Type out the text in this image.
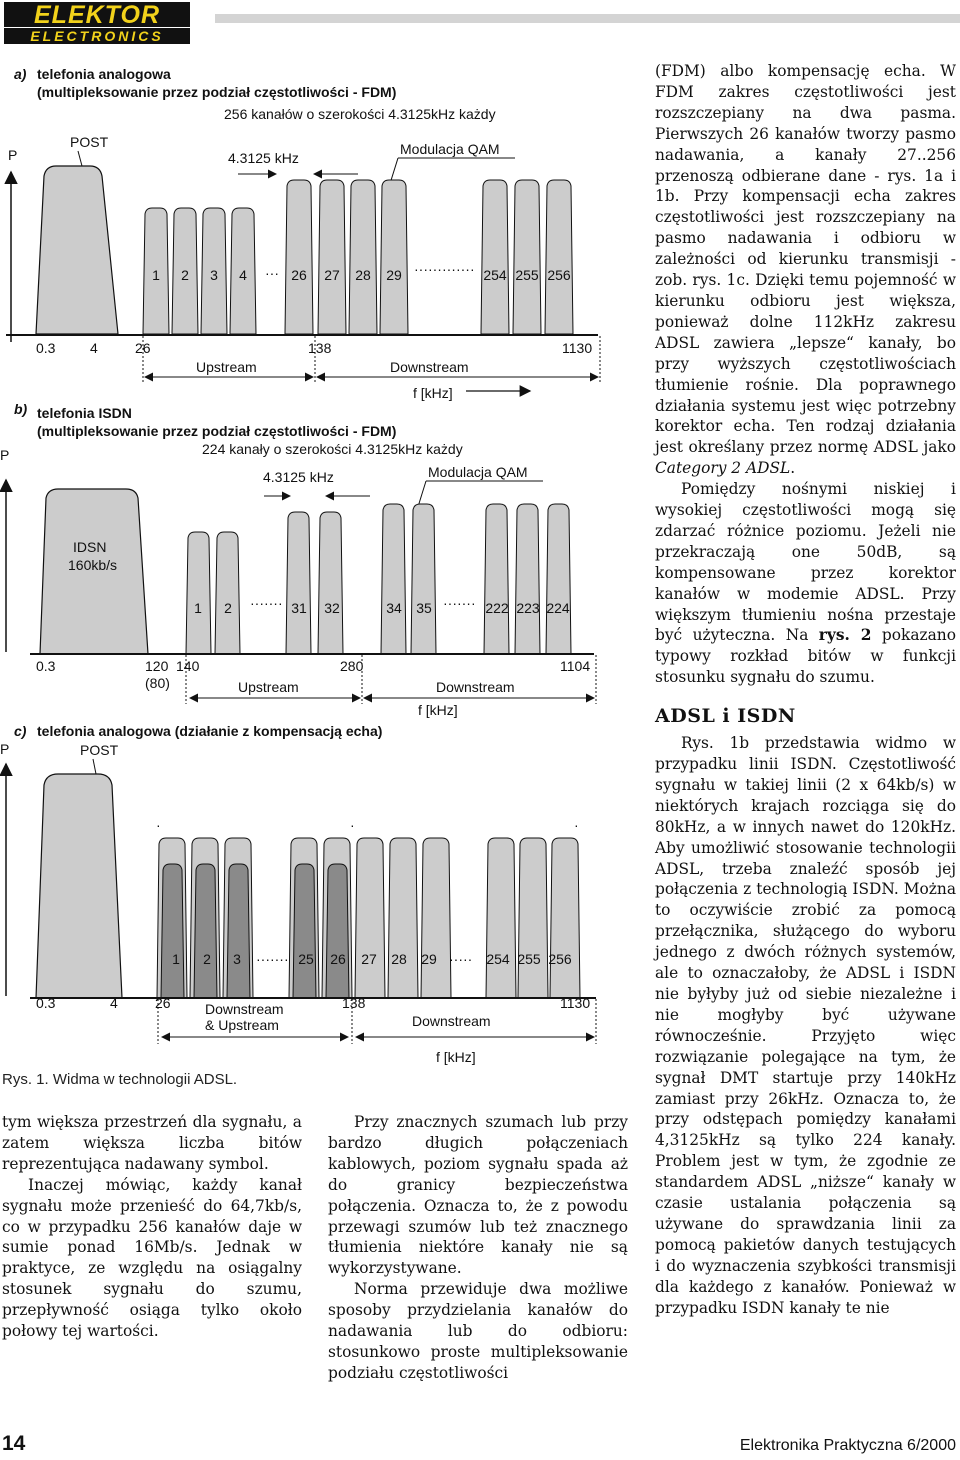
ELEKTOR
ELECTRONICS
a) telefonia analogowa
(multipleksowanie przez podział częstotliwości - FDM)
256 kanałów o szerokości 4.3125kHz każdy
P
POST
4.3125 kHz
Modulacja QAM
1 2 3 4 ··· 26 27 28 29 ············· 254 255 256
0.3 4	26	138	1130
Upstream	Downstream
f [kHz]
b) telefonia ISDN
(multipleksowanie przez podział częstotliwości - FDM)
224 kanały o szerokości 4.3125kHz każdy
P
IDSN
160kb/s
4.3125 kHz	Modulacja QAM
1 2 ······· 31 32	34 35 ······· 222 223 224
0.3	120 140	280	1104
(80)	Upstream	Downstream
f [kHz]
c) telefonia analogowa (działanie z kompensacją echa)
P	POST
·	·	·
1 2 3 ······· 25 26 27 28 29 ····· 254 255 256
0.3	4	26	138	1130
Downstream
& Upstream	Downstream
f [kHz]
Rys. 1. Widma w technologii ADSL.

tym większa przestrzeń dla sygnału, a zatem większa liczba bitów reprezentująca nadawany symbol.

Inaczej mówiąc, każdy kanał sygnału może przenieść do 64,7kb/s, co w przypadku 256 kanałów daje w sumie ponad 16Mb/s. Jednak w praktyce, ze względu na osiągalny stosunek sygnału do szumu, przepływność osiąga tylko około połowy tej wartości.

Przy znacznych szumach lub przy bardzo długich połączeniach kablowych, poziom sygnału spada aż do granicy bezpieczeństwa połączenia. Oznacza to, że z powodu przewagi szumów lub też znacznego tłumienia niektóre kanały nie są wykorzystywane.

Norma przewiduje dwa możliwe sposoby przydzielania kanałów do nadawania lub do odbioru: stosunkowo proste multipleksowanie podziału częstotliwości

(FDM) albo kompensację echa. W FDM zakres częstotliwości jest rozszczepiany na dwa pasma. Pierwszych 26 kanałów tworzy pasmo nadawania, a kanały 27..256 przenoszą odbierane dane - rys. 1a i 1b. Przy kompensacji echa zakres częstotliwości jest rozszczepiany na pasmo nadawania i odbioru w zależności od kierunku transmisji - zob. rys. 1c. Dzięki temu pojemność w kierunku odbioru jest większa, ponieważ dolne 112kHz zakresu ADSL zawiera „lepsze“ kanały, bo przy wyższych częstotliwościach tłumienie rośnie. Dla poprawnego działania systemu jest więc potrzebny korektor echa. Ten rodzaj działania jest określany przez normę ADSL jako Category 2 ADSL.

Pomiędzy nośnymi niskiej i wysokiej częstotliwości mogą się zdarzać różnice poziomu. Jeżeli nie przekraczają one 50dB, są kompensowane przez korektor kanałów w modemie ADSL. Przy większym tłumieniu nośna przestaje być użyteczna. Na rys. 2 pokazano typowy rozkład bitów w funkcji stosunku sygnału do szumu.

ADSL i ISDN

Rys. 1b przedstawia widmo w przypadku linii ISDN. Częstotliwość sygnału w takiej linii (2 x 64kb/s) w niektórych krajach rozciąga się do 80kHz, a w innych nawet do 120kHz. Aby umożliwić stosowanie technologii ADSL, trzeba znaleźć sposób jej połączenia z technologią ISDN. Można to oczywiście zrobić za pomocą przełącznika, służącego do wyboru jednego z dwóch różnych systemów, ale to oznaczałoby, że ADSL i ISDN nie byłyby już od siebie niezależne i nie mogłyby być używane równocześnie. Przyjęto więc rozwiązanie polegające na tym, że sygnał DMT startuje przy 140kHz zamiast przy 26kHz. Oznacza to, że przy odstępach pomiędzy kanałami 4,3125kHz są tylko 224 kanały. Problem jest w tym, że zgodnie ze standardem ADSL „niższe“ kanały w czasie ustalania połączenia są używane do sprawdzania linii za pomocą pakietów danych testujących i do wyznaczenia szybkości transmisji dla każdego z kanałów. Ponieważ w przypadku ISDN kanały te nie

14	Elektronika Praktyczna 6/2000
